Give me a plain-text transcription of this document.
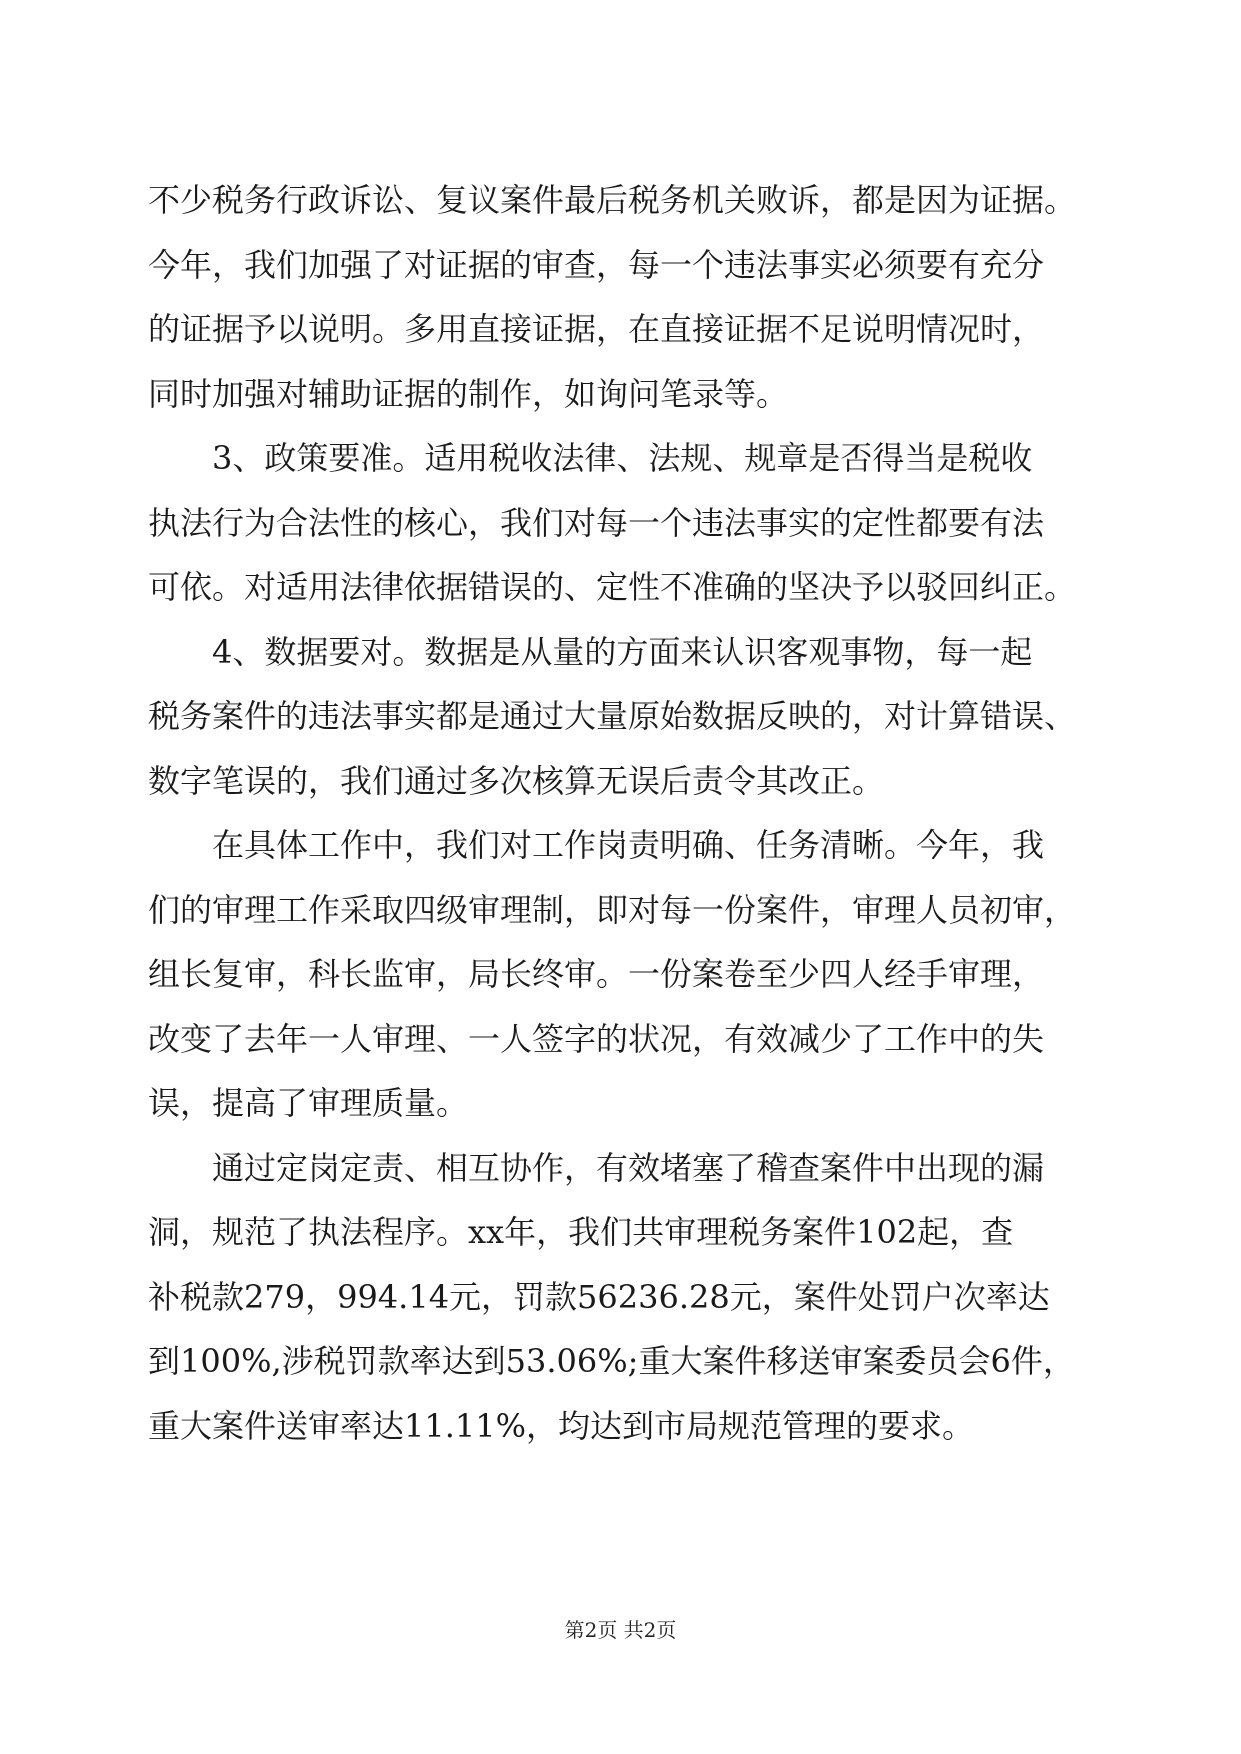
不少税务行政诉讼、复议案件最后税务机关败诉，都是因为证据。
今年，我们加强了对证据的审查，每一个违法事实必须要有充分
的证据予以说明。多用直接证据，在直接证据不足说明情况时，
同时加强对辅助证据的制作，如询问笔录等。

3、政策要准。适用税收法律、法规、规章是否得当是税收
执法行为合法性的核心，我们对每一个违法事实的定性都要有法
可依。对适用法律依据错误的、定性不准确的坚决予以驳回纠正。

4、数据要对。数据是从量的方面来认识客观事物，每一起
税务案件的违法事实都是通过大量原始数据反映的，对计算错误、
数字笔误的，我们通过多次核算无误后责令其改正。

在具体工作中，我们对工作岗责明确、任务清晰。今年，我
们的审理工作采取四级审理制，即对每一份案件，审理人员初审，
组长复审，科长监审，局长终审。一份案卷至少四人经手审理，
改变了去年一人审理、一人签字的状况，有效减少了工作中的失
误，提高了审理质量。

通过定岗定责、相互协作，有效堵塞了稽查案件中出现的漏
洞，规范了执法程序。xx年，我们共审理税务案件102起，查
补税款279，994.14元，罚款56236.28元，案件处罚户次率达
到100%,涉税罚款率达到53.06%;重大案件移送审案委员会6件，
重大案件送审率达11.11%，均达到市局规范管理的要求。

第2页 共2页
